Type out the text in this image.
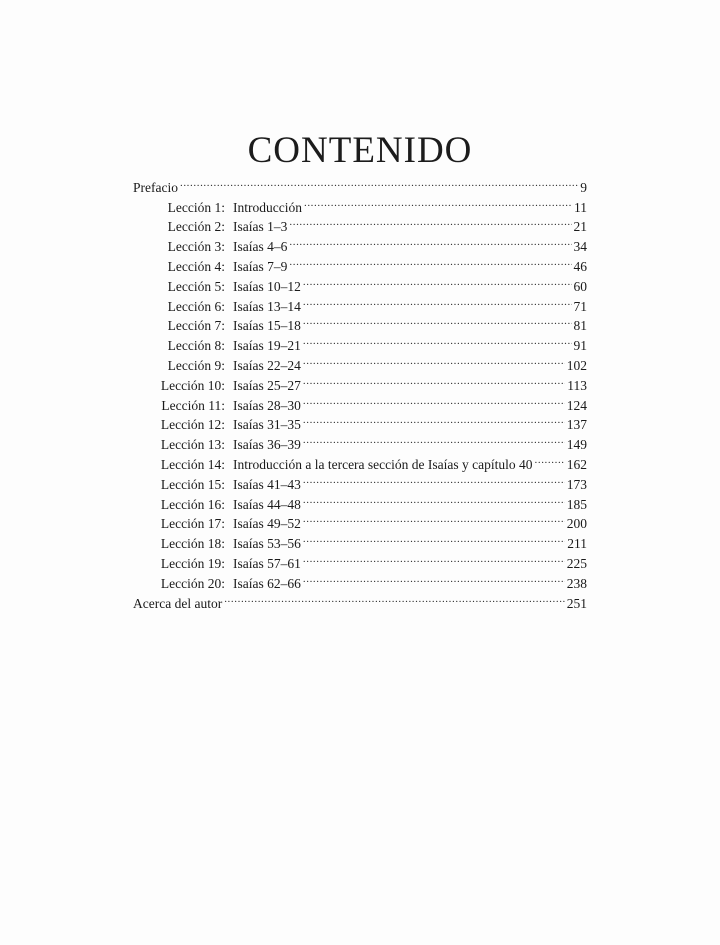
CONTENIDO
Prefacio .....	9
Lección 1: Introducción .....	11
Lección 2: Isaías 1–3 .....	21
Lección 3: Isaías 4–6 .....	34
Lección 4: Isaías 7–9 .....	46
Lección 5: Isaías 10–12 .....	60
Lección 6: Isaías 13–14 .....	71
Lección 7: Isaías 15–18 .....	81
Lección 8: Isaías 19–21 .....	91
Lección 9: Isaías 22–24 .....	102
Lección 10: Isaías 25–27 .....	113
Lección 11: Isaías 28–30 .....	124
Lección 12: Isaías 31–35 .....	137
Lección 13: Isaías 36–39 .....	149
Lección 14: Introducción a la tercera sección de Isaías y capítulo 40 .....	162
Lección 15: Isaías 41–43 .....	173
Lección 16: Isaías 44–48 .....	185
Lección 17: Isaías 49–52 .....	200
Lección 18: Isaías 53–56 .....	211
Lección 19: Isaías 57–61 .....	225
Lección 20: Isaías 62–66 .....	238
Acerca del autor .....	251
